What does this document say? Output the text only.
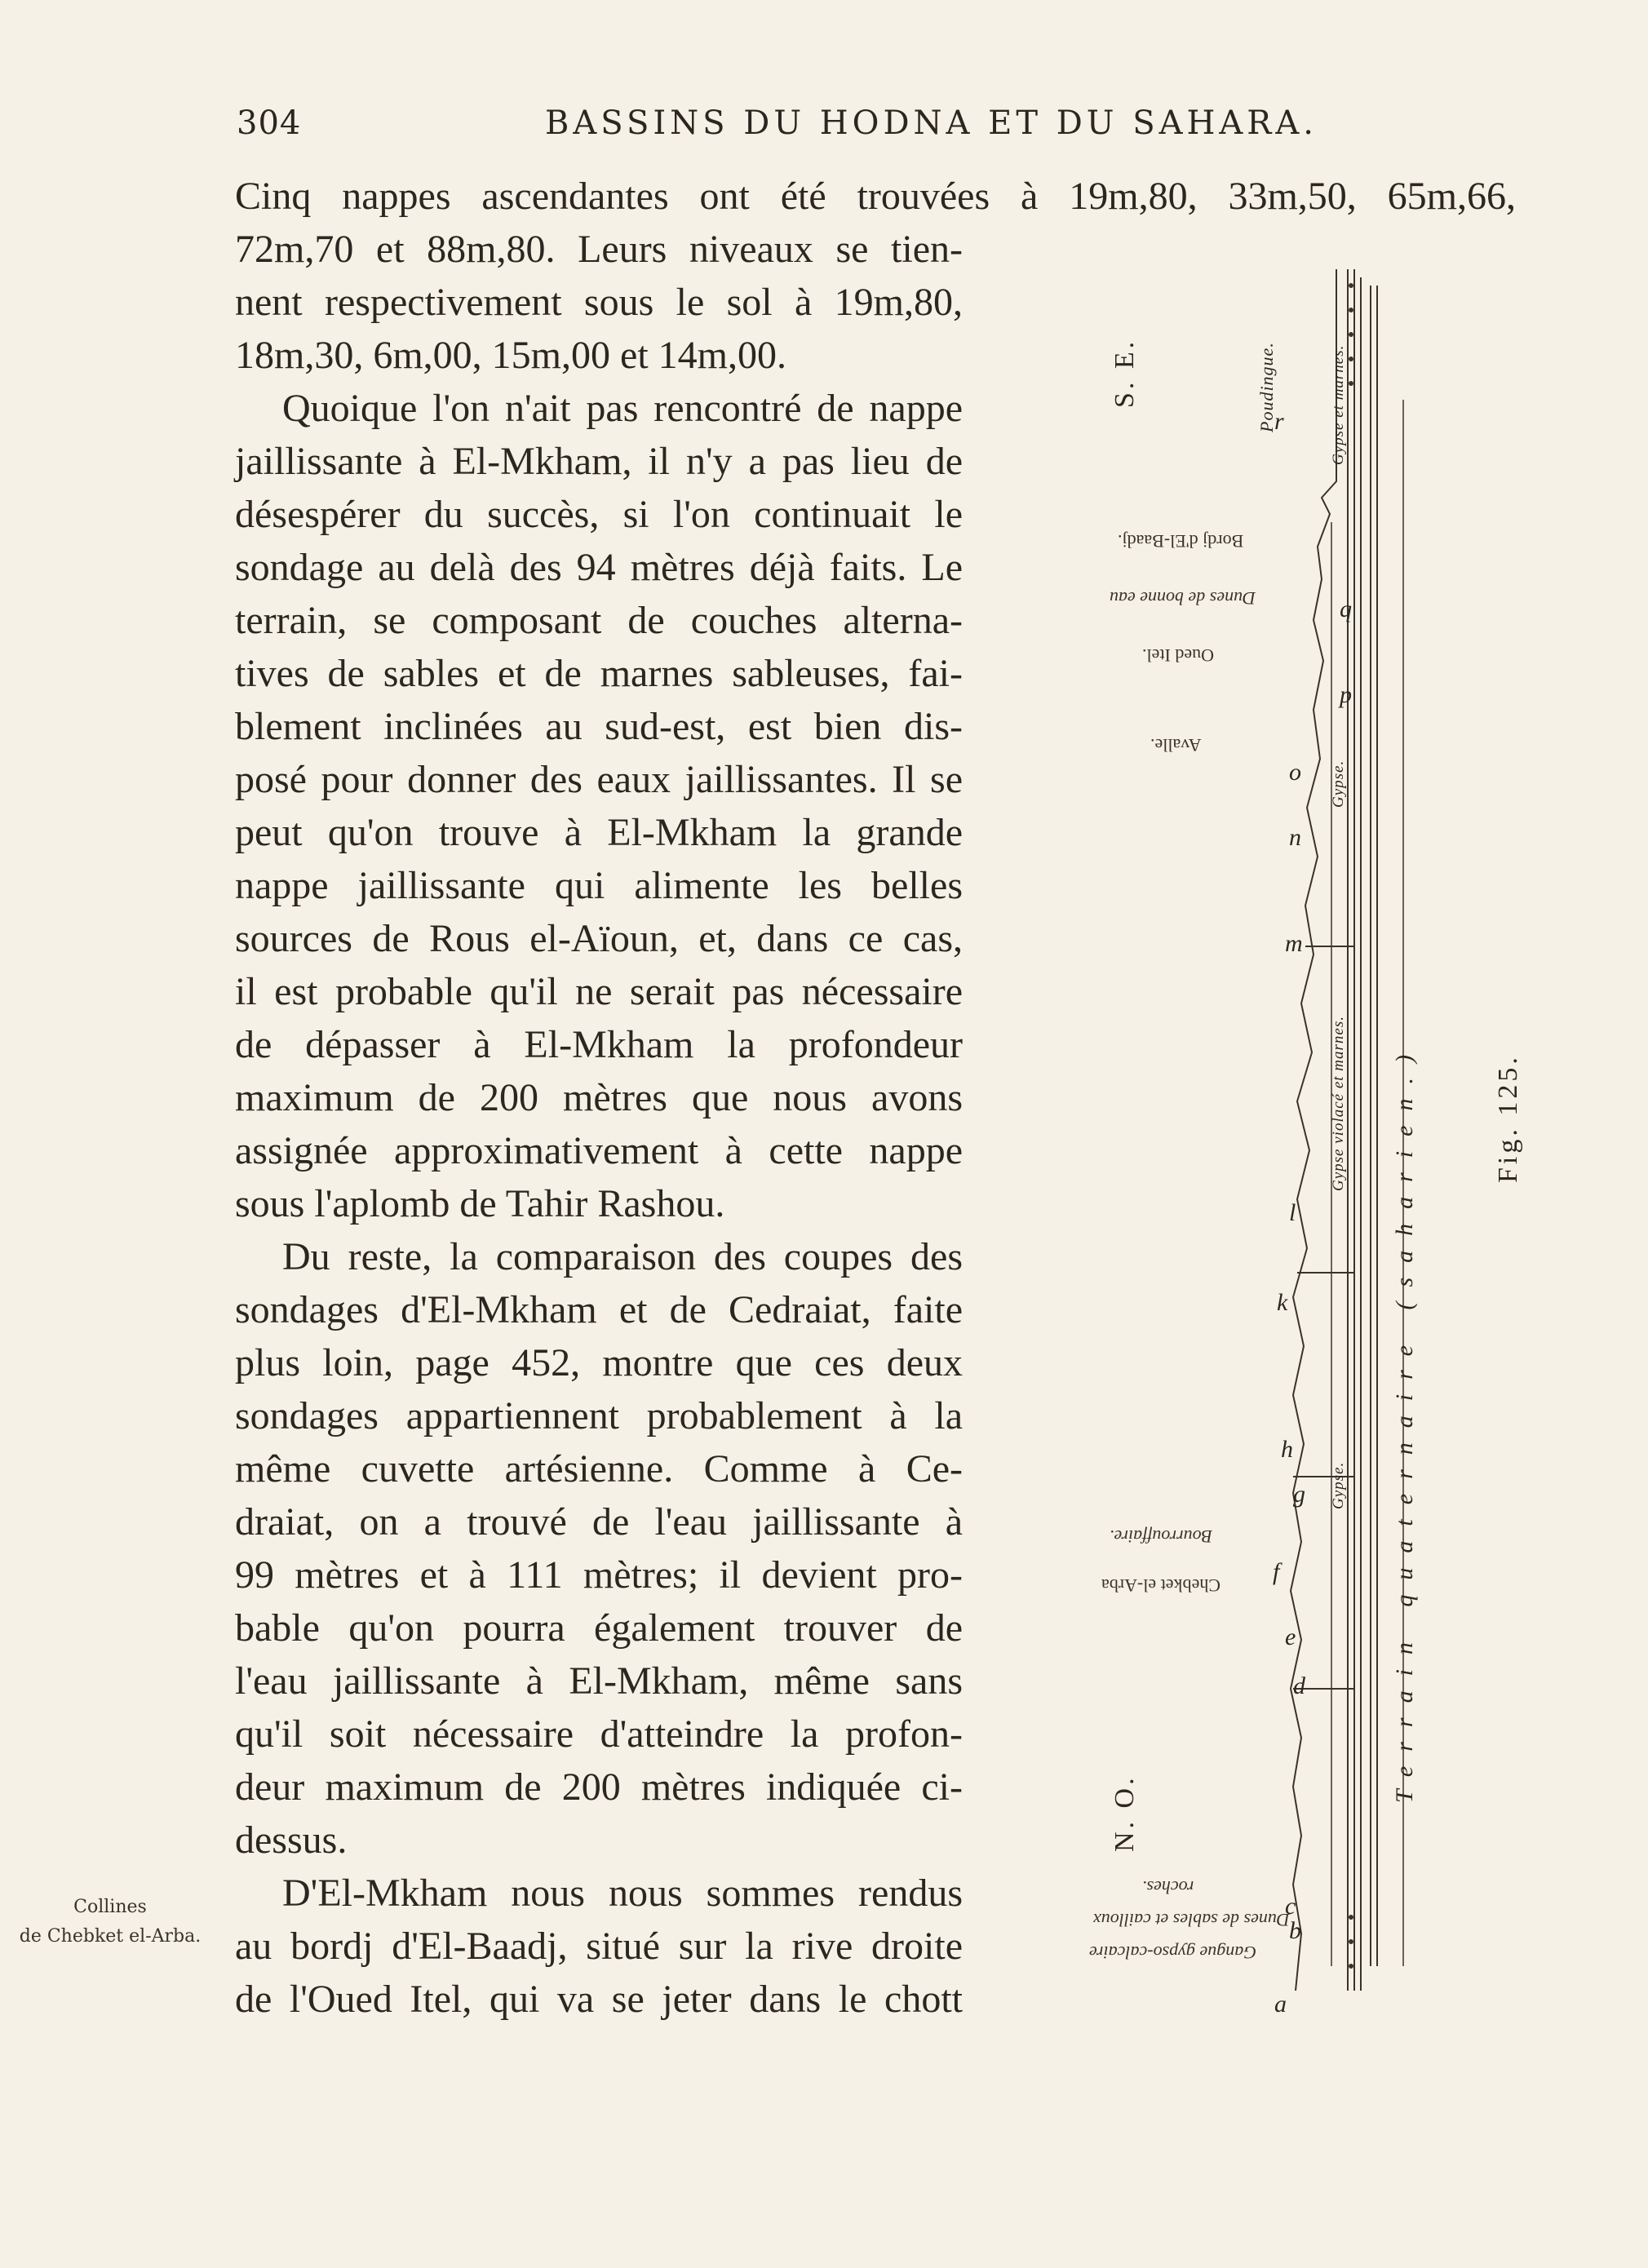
304	BASSINS DU HODNA ET DU SAHARA.
Cinq nappes ascendantes ont été trouvées à 19m,80, 33m,50, 65m,66,
72m,70 et 88m,80. Leurs niveaux se tien-
nent respectivement sous le sol à 19m,80,
18m,30, 6m,00, 15m,00 et 14m,00.
Quoique l'on n'ait pas rencontré de nappe
jaillissante à El-Mkham, il n'y a pas lieu de
désespérer du succès, si l'on continuait le
sondage au delà des 94 mètres déjà faits. Le
terrain, se composant de couches alterna-
tives de sables et de marnes sableuses, fai-
blement inclinées au sud-est, est bien dis-
posé pour donner des eaux jaillissantes. Il se
peut qu'on trouve à El-Mkham la grande
nappe jaillissante qui alimente les belles
sources de Rous el-Aïoun, et, dans ce cas,
il est probable qu'il ne serait pas nécessaire
de dépasser à El-Mkham la profondeur
maximum de 200 mètres que nous avons
assignée approximativement à cette nappe
sous l'aplomb de Tahir Rashou.
Du reste, la comparaison des coupes des
sondages d'El-Mkham et de Cedraiat, faite
plus loin, page 452, montre que ces deux
sondages appartiennent probablement à la
même cuvette artésienne. Comme à Ce-
draiat, on a trouvé de l'eau jaillissante à
99 mètres et à 111 mètres; il devient pro-
bable qu'on pourra également trouver de
l'eau jaillissante à El-Mkham, même sans
qu'il soit nécessaire d'atteindre la profon-
deur maximum de 200 mètres indiquée ci-
dessus.
D'El-Mkham nous nous sommes rendus
au bordj d'El-Baadj, situé sur la rive droite
de l'Oued Itel, qui va se jeter dans le chott
Collines
de Chebket el-Arba.
Fig. 125.
S. E.
N. O.
Terrain quaternaire (saharien.)
Poudingue.	Gypse et marnes.
Gypse.
Gypse violacé et marnes.
Gypse.
Bordj d'El-Baadj.
Dunes de bonne eau
Oued Itel.
Avalle.
Bourrouffaire.
Chebket el-Arba
Dunes de sables et cailloux
Gangue gypso-calcaire
roches.
r
q
p
o
n
m
l
k
h
g
f
e
d
c
b
a
